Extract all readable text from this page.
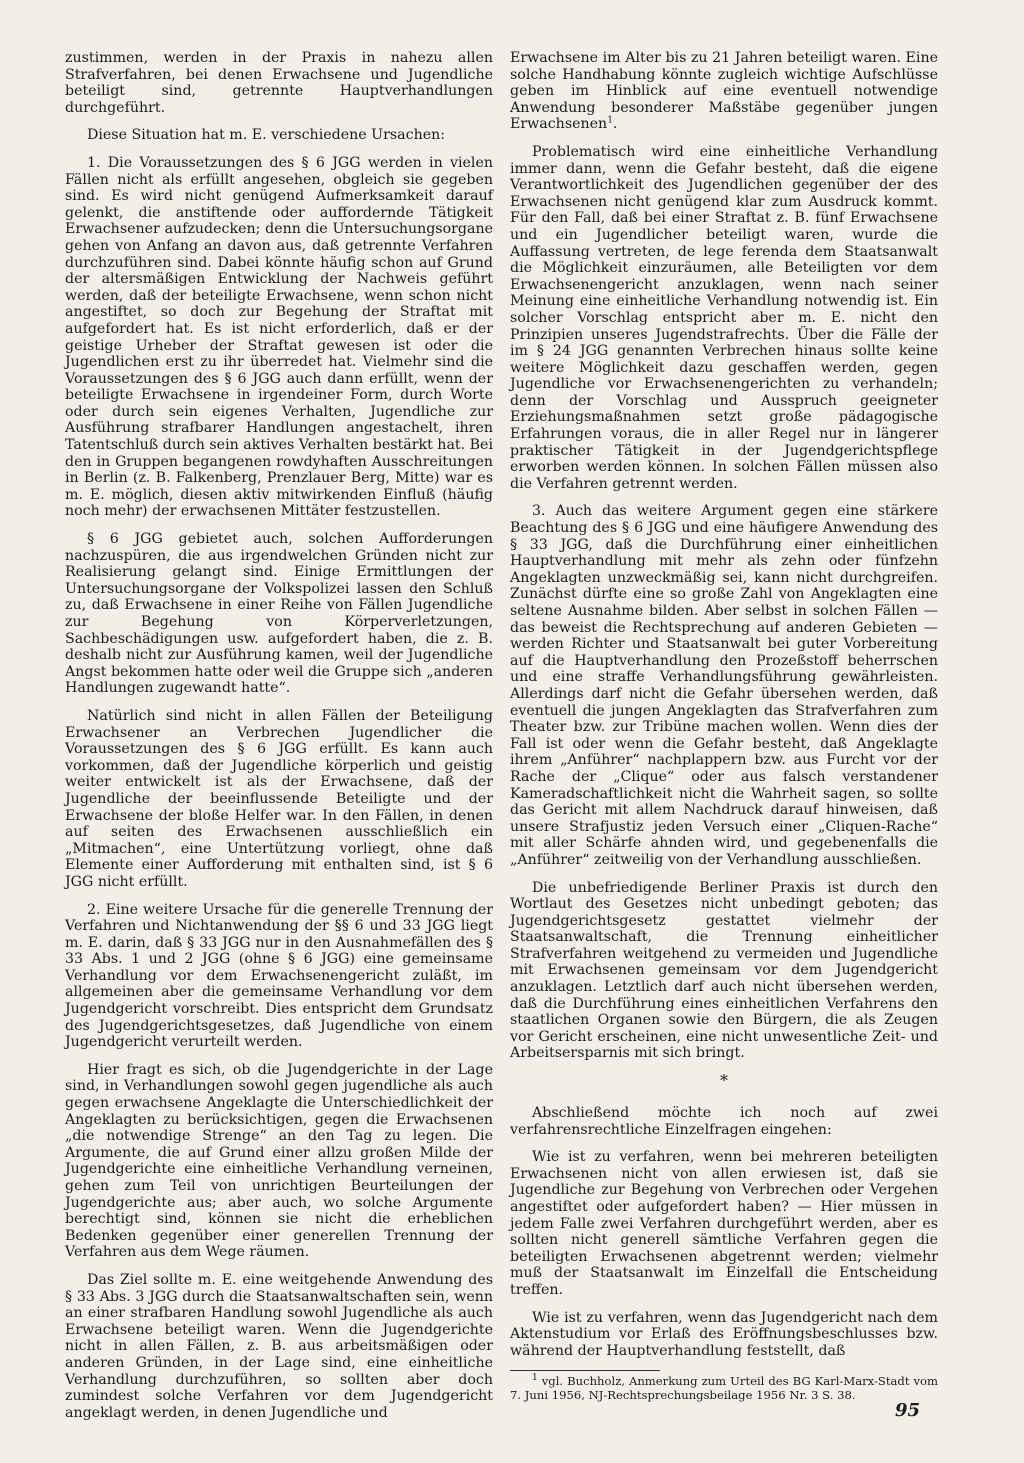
zustimmen, werden in der Praxis in nahezu allen Strafverfahren, bei denen Erwachsene und Jugendliche beteiligt sind, getrennte Hauptverhandlungen durchgeführt.

Diese Situation hat m. E. verschiedene Ursachen:

1. Die Voraussetzungen des § 6 JGG werden in vielen Fällen nicht als erfüllt angesehen, obgleich sie gegeben sind. Es wird nicht genügend Aufmerksamkeit darauf gelenkt, die anstiftende oder auffordernde Tätigkeit Erwachsener aufzudecken; denn die Untersuchungsorgane gehen von Anfang an davon aus, daß getrennte Verfahren durchzuführen sind. Dabei könnte häufig schon auf Grund der altersmäßigen Entwicklung der Nachweis geführt werden, daß der beteiligte Erwachsene, wenn schon nicht angestiftet, so doch zur Begehung der Straftat mit aufgefordert hat. Es ist nicht erforderlich, daß er der geistige Urheber der Straftat gewesen ist oder die Jugendlichen erst zu ihr überredet hat. Vielmehr sind die Voraussetzungen des § 6 JGG auch dann erfüllt, wenn der beteiligte Erwachsene in irgendeiner Form, durch Worte oder durch sein eigenes Verhalten, Jugendliche zur Ausführung strafbarer Handlungen angestachelt, ihren Tatentschluß durch sein aktives Verhalten bestärkt hat. Bei den in Gruppen begangenen rowdyhaften Ausschreitungen in Berlin (z. B. Falkenberg, Prenzlauer Berg, Mitte) war es m. E. möglich, diesen aktiv mitwirkenden Einfluß (häufig noch mehr) der erwachsenen Mittäter festzustellen.

§ 6 JGG gebietet auch, solchen Aufforderungen nachzuspüren, die aus irgendwelchen Gründen nicht zur Realisierung gelangt sind. Einige Ermittlungen der Untersuchungsorgane der Volkspolizei lassen den Schluß zu, daß Erwachsene in einer Reihe von Fällen Jugendliche zur Begehung von Körperverletzungen, Sachbeschädigungen usw. aufgefordert haben, die z. B. deshalb nicht zur Ausführung kamen, weil der Jugendliche Angst bekommen hatte oder weil die Gruppe sich „anderen Handlungen zugewandt hatte“.

Natürlich sind nicht in allen Fällen der Beteiligung Erwachsener an Verbrechen Jugendlicher die Voraussetzungen des § 6 JGG erfüllt. Es kann auch vorkommen, daß der Jugendliche körperlich und geistig weiter entwickelt ist als der Erwachsene, daß der Jugendliche der beeinflussende Beteiligte und der Erwachsene der bloße Helfer war. In den Fällen, in denen auf seiten des Erwachsenen ausschließlich ein „Mitmachen“, eine Untertützung vorliegt, ohne daß Elemente einer Aufforderung mit enthalten sind, ist § 6 JGG nicht erfüllt.

2. Eine weitere Ursache für die generelle Trennung der Verfahren und Nichtanwendung der §§ 6 und 33 JGG liegt m. E. darin, daß § 33 JGG nur in den Ausnahmefällen des § 33 Abs. 1 und 2 JGG (ohne § 6 JGG) eine gemeinsame Verhandlung vor dem Erwachsenengericht zuläßt, im allgemeinen aber die gemeinsame Verhandlung vor dem Jugendgericht vorschreibt. Dies entspricht dem Grundsatz des Jugendgerichtsgesetzes, daß Jugendliche von einem Jugendgericht verurteilt werden.

Hier fragt es sich, ob die Jugendgerichte in der Lage sind, in Verhandlungen sowohl gegen jugendliche als auch gegen erwachsene Angeklagte die Unterschiedlichkeit der Angeklagten zu berücksichtigen, gegen die Erwachsenen „die notwendige Strenge“ an den Tag zu legen. Die Argumente, die auf Grund einer allzu großen Milde der Jugendgerichte eine einheitliche Verhandlung verneinen, gehen zum Teil von unrichtigen Beurteilungen der Jugendgerichte aus; aber auch, wo solche Argumente berechtigt sind, können sie nicht die erheblichen Bedenken gegenüber einer generellen Trennung der Verfahren aus dem Wege räumen.

Das Ziel sollte m. E. eine weitgehende Anwendung des § 33 Abs. 3 JGG durch die Staatsanwaltschaften sein, wenn an einer strafbaren Handlung sowohl Jugendliche als auch Erwachsene beteiligt waren. Wenn die Jugendgerichte nicht in allen Fällen, z. B. aus arbeitsmäßigen oder anderen Gründen, in der Lage sind, eine einheitliche Verhandlung durchzuführen, so sollten aber doch zumindest solche Verfahren vor dem Jugendgericht angeklagt werden, in denen Jugendliche und

Erwachsene im Alter bis zu 21 Jahren beteiligt waren. Eine solche Handhabung könnte zugleich wichtige Aufschlüsse geben im Hinblick auf eine eventuell notwendige Anwendung besonderer Maßstäbe gegenüber jungen Erwachsenen$^1$.

Problematisch wird eine einheitliche Verhandlung immer dann, wenn die Gefahr besteht, daß die eigene Verantwortlichkeit des Jugendlichen gegenüber der des Erwachsenen nicht genügend klar zum Ausdruck kommt. Für den Fall, daß bei einer Straftat z. B. fünf Erwachsene und ein Jugendlicher beteiligt waren, wurde die Auffassung vertreten, de lege ferenda dem Staatsanwalt die Möglichkeit einzuräumen, alle Beteiligten vor dem Erwachsenengericht anzuklagen, wenn nach seiner Meinung eine einheitliche Verhandlung notwendig ist. Ein solcher Vorschlag entspricht aber m. E. nicht den Prinzipien unseres Jugendstrafrechts. Über die Fälle der im § 24 JGG genannten Verbrechen hinaus sollte keine weitere Möglichkeit dazu geschaffen werden, gegen Jugendliche vor Erwachsenengerichten zu verhandeln; denn der Vorschlag und Ausspruch geeigneter Erziehungsmaßnahmen setzt große pädagogische Erfahrungen voraus, die in aller Regel nur in längerer praktischer Tätigkeit in der Jugendgerichtspflege erworben werden können. In solchen Fällen müssen also die Verfahren getrennt werden.

3. Auch das weitere Argument gegen eine stärkere Beachtung des § 6 JGG und eine häufigere Anwendung des § 33 JGG, daß die Durchführung einer einheitlichen Hauptverhandlung mit mehr als zehn oder fünfzehn Angeklagten unzweckmäßig sei, kann nicht durchgreifen. Zunächst dürfte eine so große Zahl von Angeklagten eine seltene Ausnahme bilden. Aber selbst in solchen Fällen — das beweist die Rechtsprechung auf anderen Gebieten — werden Richter und Staatsanwalt bei guter Vorbereitung auf die Hauptverhandlung den Prozeßstoff beherrschen und eine straffe Verhandlungsführung gewährleisten. Allerdings darf nicht die Gefahr übersehen werden, daß eventuell die jungen Angeklagten das Strafverfahren zum Theater bzw. zur Tribüne machen wollen. Wenn dies der Fall ist oder wenn die Gefahr besteht, daß Angeklagte ihrem „Anführer“ nachplappern bzw. aus Furcht vor der Rache der „Clique“ oder aus falsch verstandener Kameradschaftlichkeit nicht die Wahrheit sagen, so sollte das Gericht mit allem Nachdruck darauf hinweisen, daß unsere Strafjustiz jeden Versuch einer „Cliquen-Rache“ mit aller Schärfe ahnden wird, und gegebenenfalls die „Anführer“ zeitweilig von der Verhandlung ausschließen.

Die unbefriedigende Berliner Praxis ist durch den Wortlaut des Gesetzes nicht unbedingt geboten; das Jugendgerichtsgesetz gestattet vielmehr der Staatsanwaltschaft, die Trennung einheitlicher Strafverfahren weitgehend zu vermeiden und Jugendliche mit Erwachsenen gemeinsam vor dem Jugendgericht anzuklagen. Letztlich darf auch nicht übersehen werden, daß die Durchführung eines einheitlichen Verfahrens den staatlichen Organen sowie den Bürgern, die als Zeugen vor Gericht erscheinen, eine nicht unwesentliche Zeit- und Arbeitsersparnis mit sich bringt.

*

Abschließend möchte ich noch auf zwei verfahrensrechtliche Einzelfragen eingehen:

Wie ist zu verfahren, wenn bei mehreren beteiligten Erwachsenen nicht von allen erwiesen ist, daß sie Jugendliche zur Begehung von Verbrechen oder Vergehen angestiftet oder aufgefordert haben? — Hier müssen in jedem Falle zwei Verfahren durchgeführt werden, aber es sollten nicht generell sämtliche Verfahren gegen die beteiligten Erwachsenen abgetrennt werden; vielmehr muß der Staatsanwalt im Einzelfall die Entscheidung treffen.

Wie ist zu verfahren, wenn das Jugendgericht nach dem Aktenstudium vor Erlaß des Eröffnungsbeschlusses bzw. während der Hauptverhandlung feststellt, daß

$^1$ vgl. Buchholz, Anmerkung zum Urteil des BG Karl-Marx-Stadt vom 7. Juni 1956, NJ-Rechtsprechungsbeilage 1956 Nr. 3 S. 38.

95
